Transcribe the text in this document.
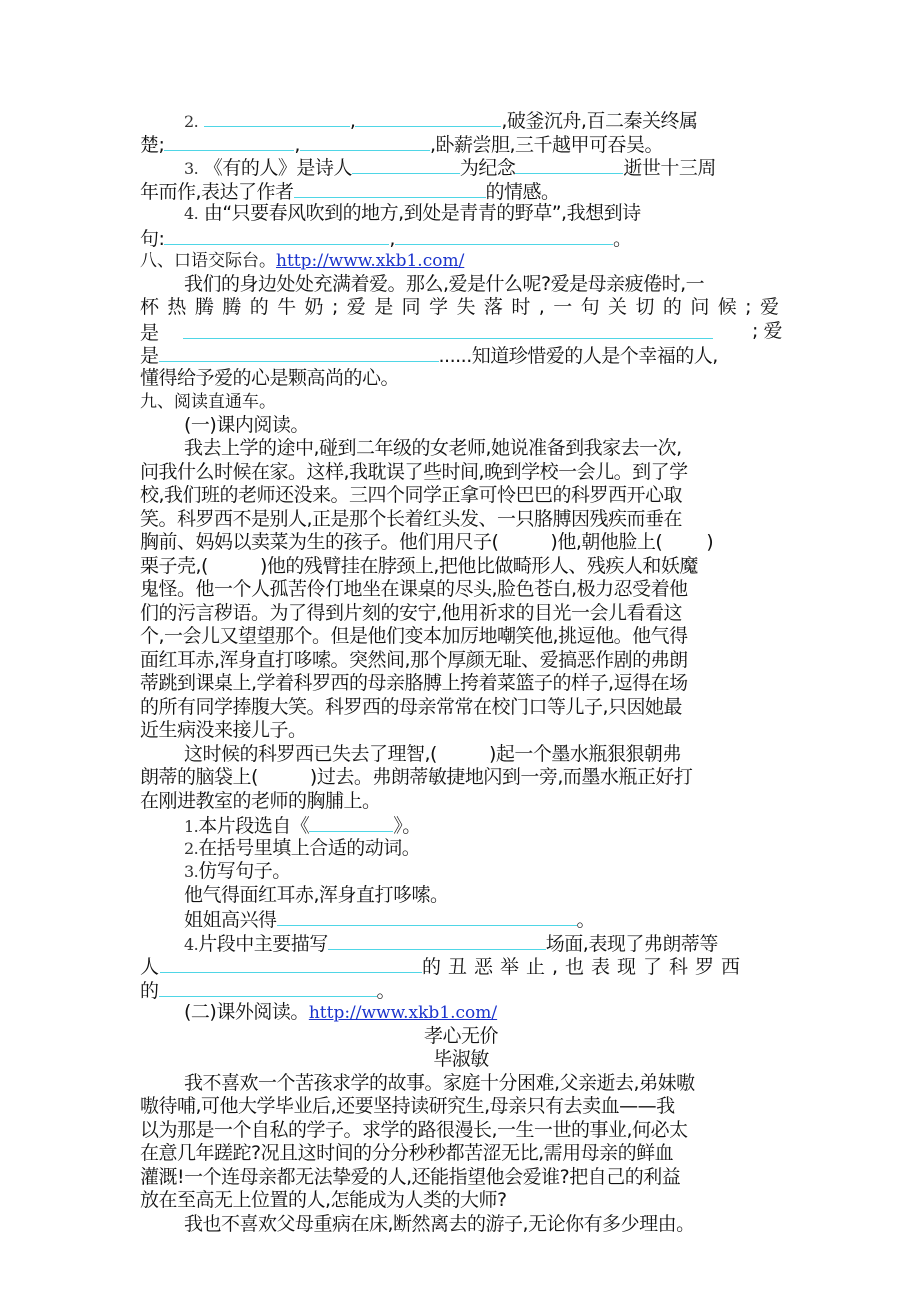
2.	,	,破釜沉舟,百二秦关终属
楚;	,	,卧薪尝胆,三千越甲可吞吴。
3. 《有的人》是诗人	为纪念	逝世十三周
年而作,表达了作者	的情感。
4. 由“只要春风吹到的地方,到处是青青的野草”,我想到诗
句:	,	。
八、口语交际台。http://www.xkb1.com/
我们的身边处处充满着爱。那么,爱是什么呢?爱是母亲疲倦时,一
杯热腾腾的牛奶;爱是同学失落时,一句关切的问候;爱
是	; 爱
是	......知道珍惜爱的人是个幸福的人,
懂得给予爱的心是颗高尚的心。
九、阅读直通车。
(一)课内阅读。
我去上学的途中,碰到二年级的女老师,她说准备到我家去一次,
问我什么时候在家。这样,我耽误了些时间,晚到学校一会儿。到了学
校,我们班的老师还没来。三四个同学正拿可怜巴巴的科罗西开心取
笑。科罗西不是别人,正是那个长着红头发、一只胳膊因残疾而垂在
胸前、妈妈以卖菜为生的孩子。他们用尺子(	)他,朝他脸上( )
栗子壳,(	)他的残臂挂在脖颈上,把他比做畸形人、残疾人和妖魔
鬼怪。他一个人孤苦伶仃地坐在课桌的尽头,脸色苍白,极力忍受着他
们的污言秽语。为了得到片刻的安宁,他用祈求的目光一会儿看看这
个,一会儿又望望那个。但是他们变本加厉地嘲笑他,挑逗他。他气得
面红耳赤,浑身直打哆嗦。突然间,那个厚颜无耻、爱搞恶作剧的弗朗
蒂跳到课桌上,学着科罗西的母亲胳膊上挎着菜篮子的样子,逗得在场
的所有同学捧腹大笑。科罗西的母亲常常在校门口等儿子,只因她最
近生病没来接儿子。
这时候的科罗西已失去了理智,(	)起一个墨水瓶狠狠朝弗
朗蒂的脑袋上(	)过去。弗朗蒂敏捷地闪到一旁,而墨水瓶正好打
在刚进教室的老师的胸脯上。
1.本片段选自《	》。
2.在括号里填上合适的动词。
3.仿写句子。
他气得面红耳赤,浑身直打哆嗦。
姐姐高兴得	。
4.片段中主要描写	场面,表现了弗朗蒂等
人	的丑恶举止,也表现了科罗西
的	。
(二)课外阅读。http://www.xkb1.com/
孝心无价
毕淑敏
我不喜欢一个苦孩求学的故事。家庭十分困难,父亲逝去,弟妹嗷
嗷待哺,可他大学毕业后,还要坚持读研究生,母亲只有去卖血——我
以为那是一个自私的学子。求学的路很漫长,一生一世的事业,何必太
在意几年蹉跎?况且这时间的分分秒秒都苦涩无比,需用母亲的鲜血
灌溉!一个连母亲都无法挚爱的人,还能指望他会爱谁?把自己的利益
放在至高无上位置的人,怎能成为人类的大师?
我也不喜欢父母重病在床,断然离去的游子,无论你有多少理由。
